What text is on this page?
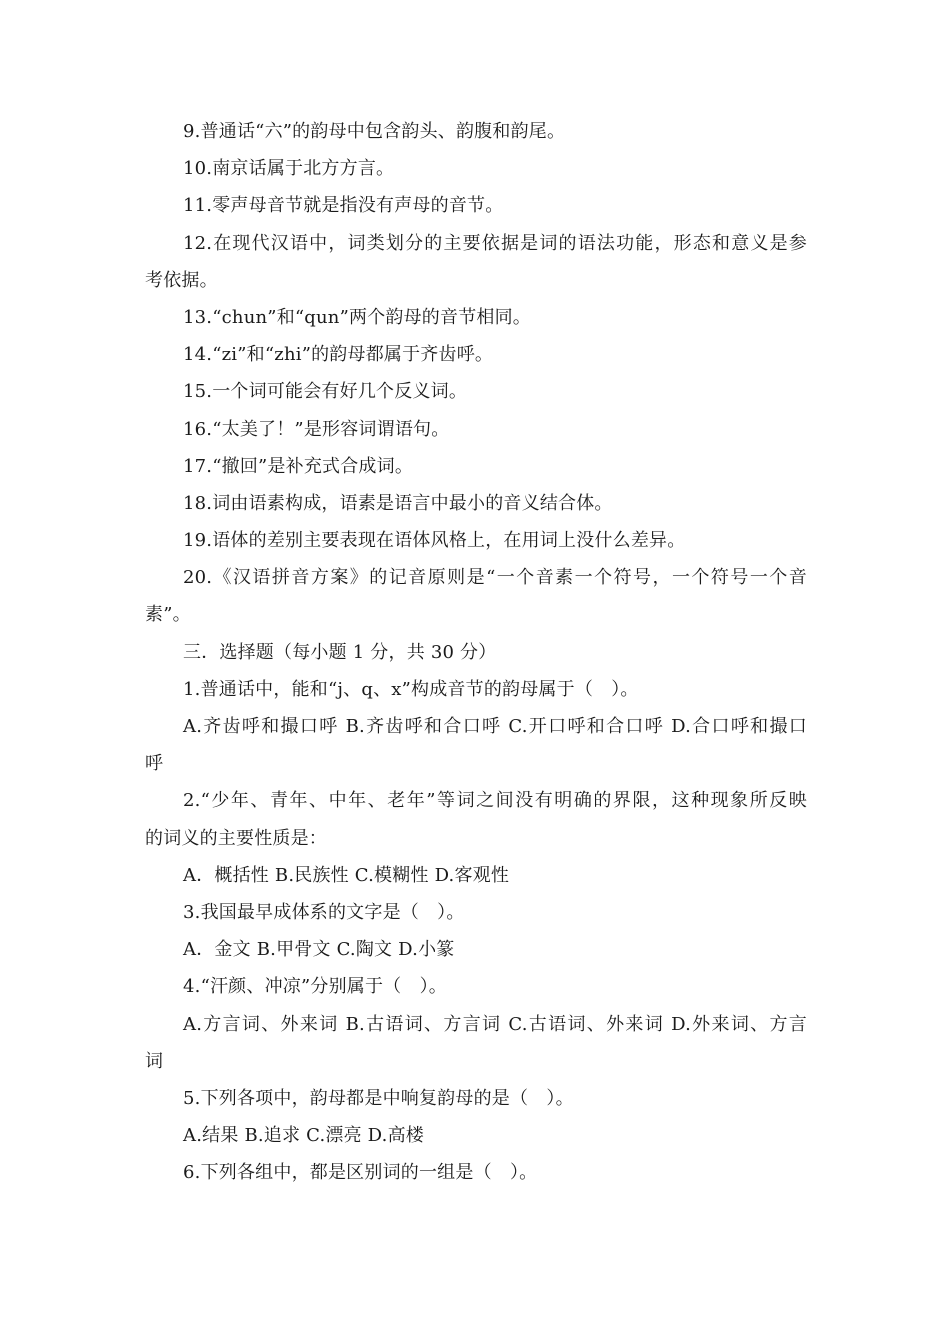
9.普通话“六”的韵母中包含韵头、韵腹和韵尾。
10.南京话属于北方方言。
11.零声母音节就是指没有声母的音节。
12.在现代汉语中，词类划分的主要依据是词的语法功能，形态和意义是参
考依据。
13.“chun”和“qun”两个韵母的音节相同。
14.“zi”和“zhi”的韵母都属于齐齿呼。
15.一个词可能会有好几个反义词。
16.“太美了！”是形容词谓语句。
17.“撤回”是补充式合成词。
18.词由语素构成，语素是语言中最小的音义结合体。
19.语体的差别主要表现在语体风格上，在用词上没什么差异。
20.《汉语拼音方案》的记音原则是“一个音素一个符号，一个符号一个音
素”。
三．选择题（每小题 1 分，共 30 分）
1.普通话中，能和“j、q、x”构成音节的韵母属于（　）。
A.齐齿呼和撮口呼 B.齐齿呼和合口呼 C.开口呼和合口呼 D.合口呼和撮口
呼
2.“少年、青年、中年、老年”等词之间没有明确的界限，这种现象所反映
的词义的主要性质是：
A．概括性 B.民族性 C.模糊性 D.客观性
3.我国最早成体系的文字是（　）。
A．金文 B.甲骨文 C.陶文 D.小篆
4.“汗颜、冲凉”分别属于（　）。
A.方言词、外来词 B.古语词、方言词 C.古语词、外来词 D.外来词、方言
词
5.下列各项中，韵母都是中响复韵母的是（　）。
A.结果 B.追求 C.漂亮 D.高楼
6.下列各组中，都是区别词的一组是（　）。
